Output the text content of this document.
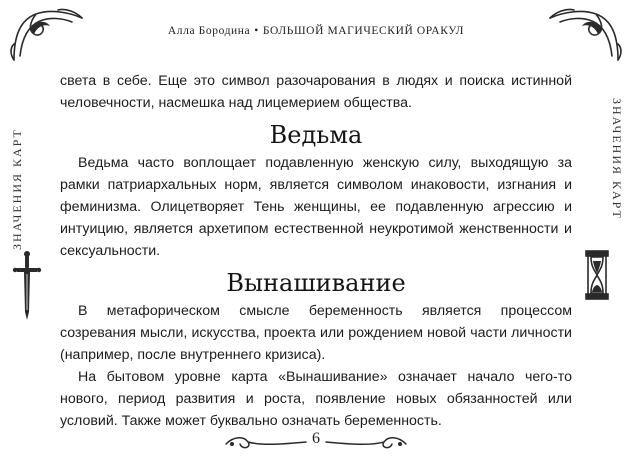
Алла Бородина • БОЛЬШОЙ МАГИЧЕСКИЙ ОРАКУЛ
ЗНАЧЕНИЯ КАРТ	ЗНАЧЕНИЯ КАРТ

света в себе. Еще это символ разочарования в людях и поиска истинной человечности, насмешка над лицемерием общества.

Ведьма

Ведьма часто воплощает подавленную женскую силу, выходящую за рамки патриархальных норм, является символом инаковости, изгнания и феминизма. Олицетворяет Тень женщины, ее подавленную агрессию и интуицию, является архетипом естественной неукротимой женственности и сексуальности.

Вынашивание

В метафорическом смысле беременность является процессом созревания мысли, искусства, проекта или рождением новой части личности (например, после внутреннего кризиса).

На бытовом уровне карта «Вынашивание» означает начало чего-то нового, период развития и роста, появление новых обязанностей или условий. Также может буквально означать беременность.

6
